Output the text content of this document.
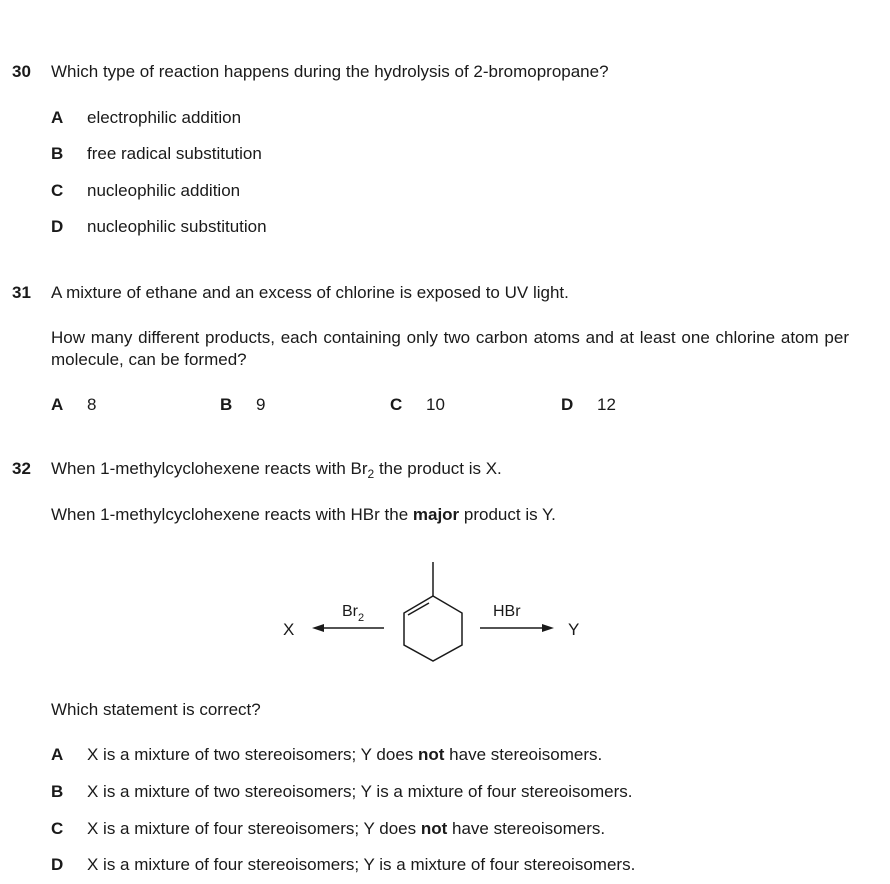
30 Which type of reaction happens during the hydrolysis of 2-bromopropane?
A electrophilic addition
B free radical substitution
C nucleophilic addition
D nucleophilic substitution
31 A mixture of ethane and an excess of chlorine is exposed to UV light.
How many different products, each containing only two carbon atoms and at least one chlorine atom per molecule, can be formed?
A 8	B 9	C 10	D 12
32 When 1-methylcyclohexene reacts with $Br_2$ the product is X.
When 1-methylcyclohexene reacts with HBr the major product is Y.
X
$Br_2$	HBr
Y
Which statement is correct?
A X is a mixture of two stereoisomers; Y does not have stereoisomers.
B X is a mixture of two stereoisomers; Y is a mixture of four stereoisomers.
C X is a mixture of four stereoisomers; Y does not have stereoisomers.
D X is a mixture of four stereoisomers; Y is a mixture of four stereoisomers.
